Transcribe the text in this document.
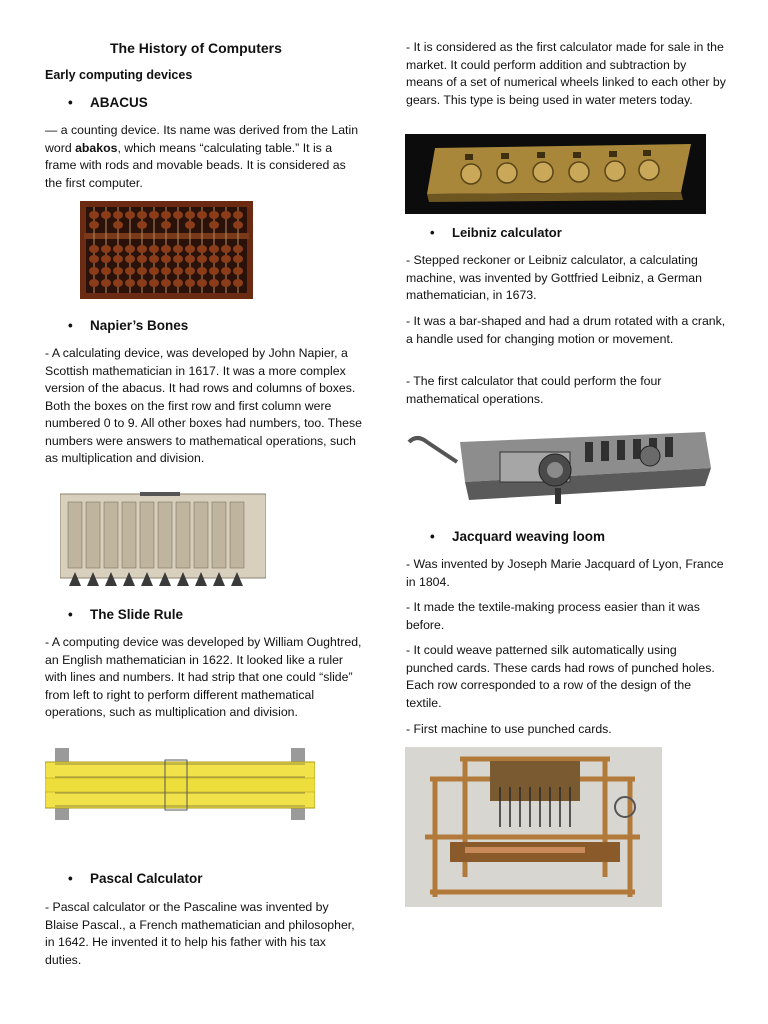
The History of Computers
Early computing devices
• ABACUS

— a counting device. Its name was derived from the Latin word abakos, which means “calculating table.” It is a frame with rods and movable beads. It is considered as the first computer.

• Napier’s Bones

- A calculating device, was developed by John Napier, a Scottish mathematician in 1617. It was a more complex version of the abacus. It had rows and columns of boxes. Both the boxes on the first row and first column were numbered 0 to 9. All other boxes had numbers, too. These numbers were answers to mathematical operations, such as multiplication and division.

• The Slide Rule

- A computing device was developed by William Oughtred, an English mathematician in 1622. It looked like a ruler with lines and numbers. It had strip that one could “slide” from left to right to perform different mathematical operations, such as multiplication and division.

• Pascal Calculator

- Pascal calculator or the Pascaline was invented by Blaise Pascal., a French mathematician and philosopher, in 1642. He invented it to help his father with his tax duties.

- It is considered as the first calculator made for sale in the market. It could perform addition and subtraction by means of a set of numerical wheels linked to each other by gears. This type is being used in water meters today.

• Leibniz calculator

- Stepped reckoner or Leibniz calculator, a calculating machine, was invented by Gottfried Leibniz, a German mathematician, in 1673.

- It was a bar-shaped and had a drum rotated with a crank, a handle used for changing motion or movement.

- The first calculator that could perform the four mathematical operations.

• Jacquard weaving loom

- Was invented by Joseph Marie Jacquard of Lyon, France in 1804.

- It made the textile-making process easier than it was before.

- It could weave patterned silk automatically using punched cards. These cards had rows of punched holes. Each row corresponded to a row of the design of the textile.

- First machine to use punched cards.
